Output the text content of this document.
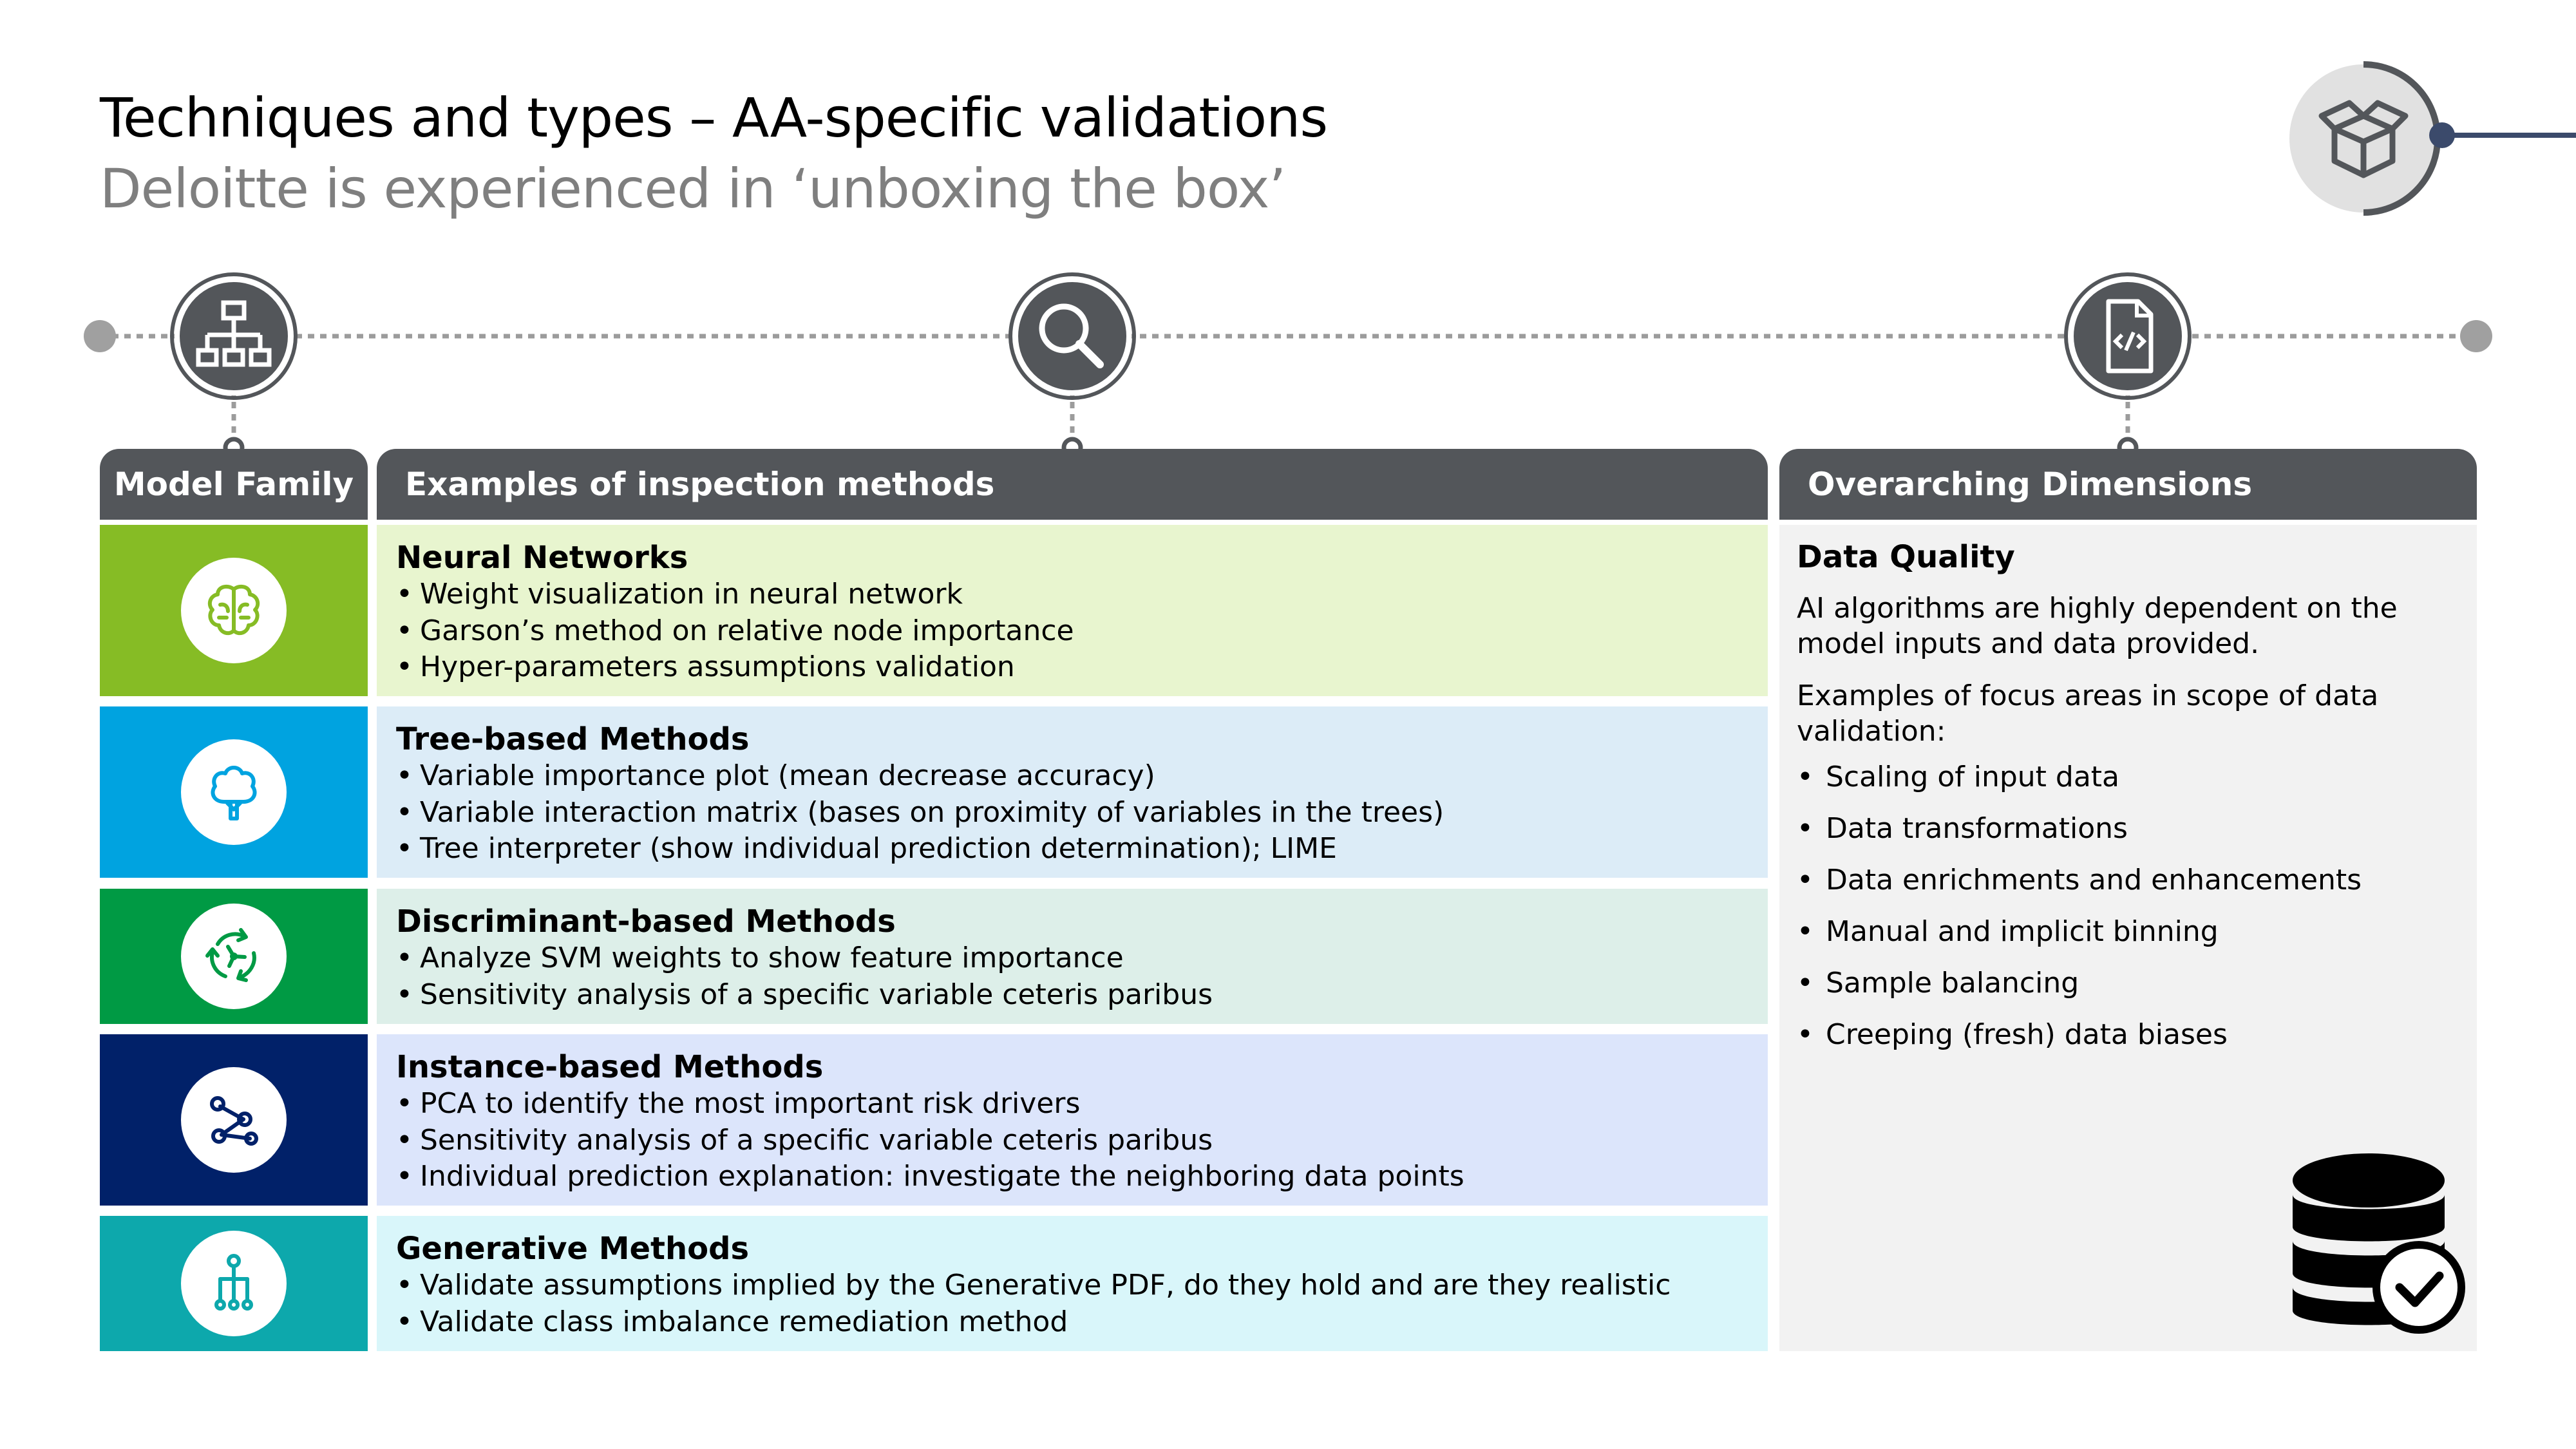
Techniques and types – AA-specific validations
Deloitte is experienced in ‘unboxing the box’
Model Family	Examples of inspection methods	Overarching Dimensions
Neural Networks
• Weight visualization in neural network
• Garson’s method on relative node importance
• Hyper-parameters assumptions validation
Tree-based Methods
• Variable importance plot (mean decrease accuracy)
• Variable interaction matrix (bases on proximity of variables in the trees)
• Tree interpreter (show individual prediction determination); LIME
Discriminant-based Methods
• Analyze SVM weights to show feature importance
• Sensitivity analysis of a specific variable ceteris paribus
Instance-based Methods
• PCA to identify the most important risk drivers
• Sensitivity analysis of a specific variable ceteris paribus
• Individual prediction explanation: investigate the neighboring data points
Generative Methods
• Validate assumptions implied by the Generative PDF, do they hold and are they realistic
• Validate class imbalance remediation method
Data Quality
AI algorithms are highly dependent on the model inputs and data provided.
Examples of focus areas in scope of data validation:
• Scaling of input data
• Data transformations
• Data enrichments and enhancements
• Manual and implicit binning
• Sample balancing
• Creeping (fresh) data biases
